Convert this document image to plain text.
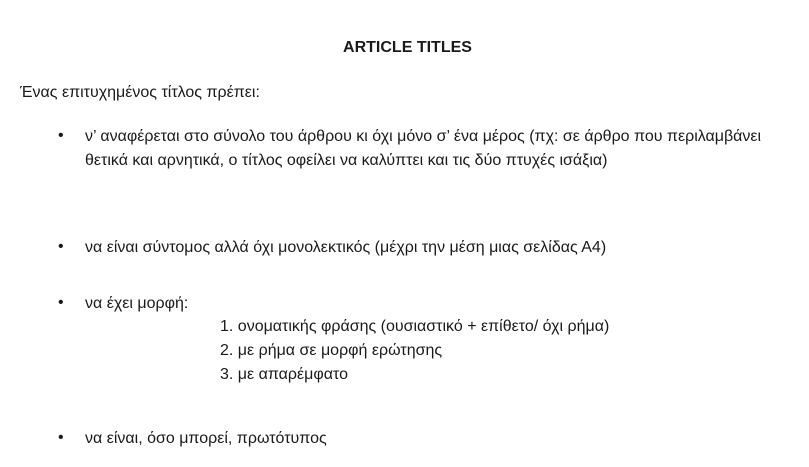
ARTICLE TITLES
Ένας επιτυχημένος τίτλος πρέπει:
• ν’ αναφέρεται στο σύνολο του άρθρου κι όχι μόνο σ’ ένα μέρος (πχ: σε άρθρο που περιλαμβάνει θετικά και αρνητικά, ο τίτλος οφείλει να καλύπτει και τις δύο πτυχές ισάξια)
• να είναι σύντομος αλλά όχι μονολεκτικός (μέχρι την μέση μιας σελίδας Α4)
• να έχει μορφή:
1. ονοματικής φράσης (ουσιαστικό + επίθετο/ όχι ρήμα)
2. με ρήμα σε μορφή ερώτησης
3. με απαρέμφατο
• να είναι, όσο μπορεί, πρωτότυπος
